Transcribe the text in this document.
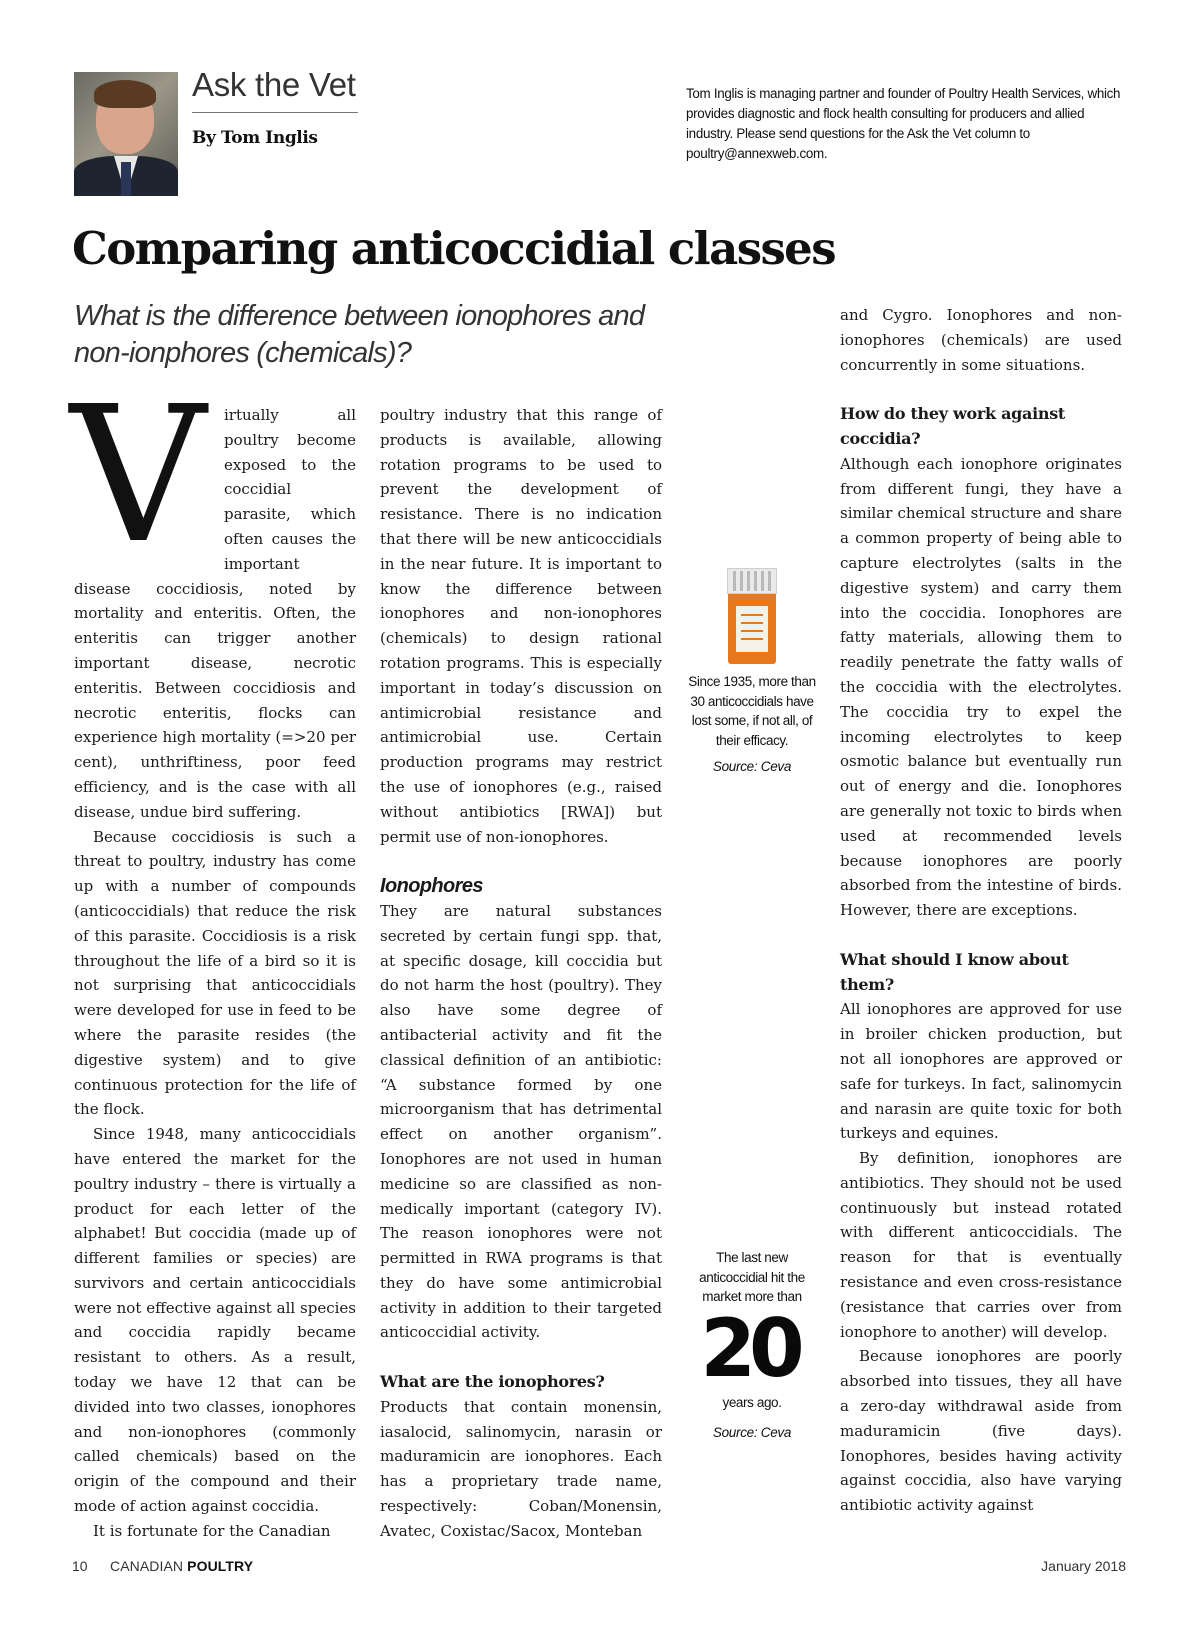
Ask the Vet
By Tom Inglis
Tom Inglis is managing partner and founder of Poultry Health Services, which provides diagnostic and flock health consulting for producers and allied industry. Please send questions for the Ask the Vet column to poultry@annexweb.com.
Comparing anticoccidial classes
What is the difference between ionophores and non-ionphores (chemicals)?

V	irtually all poultry become exposed to the coccidial parasite, which often causes the important disease coccidiosis, noted by mortality and enteritis. Often, the enteritis can trigger another important disease, necrotic enteritis. Between coccidiosis and necrotic enteritis, flocks can experience high mortality (=>20 per cent), unthriftiness, poor feed efficiency, and is the case with all disease, undue bird suffering.

Because coccidiosis is such a threat to poultry, industry has come up with a number of compounds (anticoccidials) that reduce the risk of this parasite. Coccidiosis is a risk throughout the life of a bird so it is not surprising that anticoccidials were developed for use in feed to be where the parasite resides (the digestive system) and to give continuous protection for the life of the flock.

Since 1948, many anticoccidials have entered the market for the poultry industry – there is virtually a product for each letter of the alphabet! But coccidia (made up of different families or species) are survivors and certain anticoccidials were not effective against all species and coccidia rapidly became resistant to others. As a result, today we have 12 that can be divided into two classes, ionophores and non-ionophores (commonly called chemicals) based on the origin of the compound and their mode of action against coccidia.

It is fortunate for the Canadian

poultry industry that this range of products is available, allowing rotation programs to be used to prevent the development of resistance. There is no indication that there will be new anticoccidials in the near future. It is important to know the difference between ionophores and non-ionophores (chemicals) to design rational rotation programs. This is especially important in today’s discussion on antimicrobial resistance and antimicrobial use. Certain production programs may restrict the use of ionophores (e.g., raised without antibiotics [RWA]) but permit use of non-ionophores.

Ionophores

They are natural substances secreted by certain fungi spp. that, at specific dosage, kill coccidia but do not harm the host (poultry). They also have some degree of antibacterial activity and fit the classical definition of an antibiotic: “A substance formed by one microorganism that has detrimental effect on another organism”. Ionophores are not used in human medicine so are classified as non-medically important (category IV). The reason ionophores were not permitted in RWA programs is that they do have some antimicrobial activity in addition to their targeted anticoccidial activity.

What are the ionophores?

Products that contain monensin, iasalocid, salinomycin, narasin or maduramicin are ionophores. Each has a proprietary trade name, respectively: Coban/Monensin, Avatec, Coxistac/Sacox, Monteban

and Cygro. Ionophores and non-ionophores (chemicals) are used concurrently in some situations.

How do they work against coccidia?

Although each ionophore originates from different fungi, they have a similar chemical structure and share a common property of being able to capture electrolytes (salts in the digestive system) and carry them into the coccidia. Ionophores are fatty materials, allowing them to readily penetrate the fatty walls of the coccidia with the electrolytes. The coccidia try to expel the incoming electrolytes to keep osmotic balance but eventually run out of energy and die. Ionophores are generally not toxic to birds when used at recommended levels because ionophores are poorly absorbed from the intestine of birds. However, there are exceptions.

What should I know about them?

All ionophores are approved for use in broiler chicken production, but not all ionophores are approved or safe for turkeys. In fact, salinomycin and narasin are quite toxic for both turkeys and equines.

By definition, ionophores are antibiotics. They should not be used continuously but instead rotated with different anticoccidials. The reason for that is eventually resistance and even cross-resistance (resistance that carries over from ionophore to another) will develop.

Because ionophores are poorly absorbed into tissues, they all have a zero-day withdrawal aside from maduramicin (five days). Ionophores, besides having activity against coccidia, also have varying antibiotic activity against

Since 1935, more than 30 anticoccidials have lost some, if not all, of their efficacy.
Source: Ceva
The last new anticoccidial hit the market more than
20
years ago.
Source: Ceva
10 CANADIAN POULTRY	January 2018
